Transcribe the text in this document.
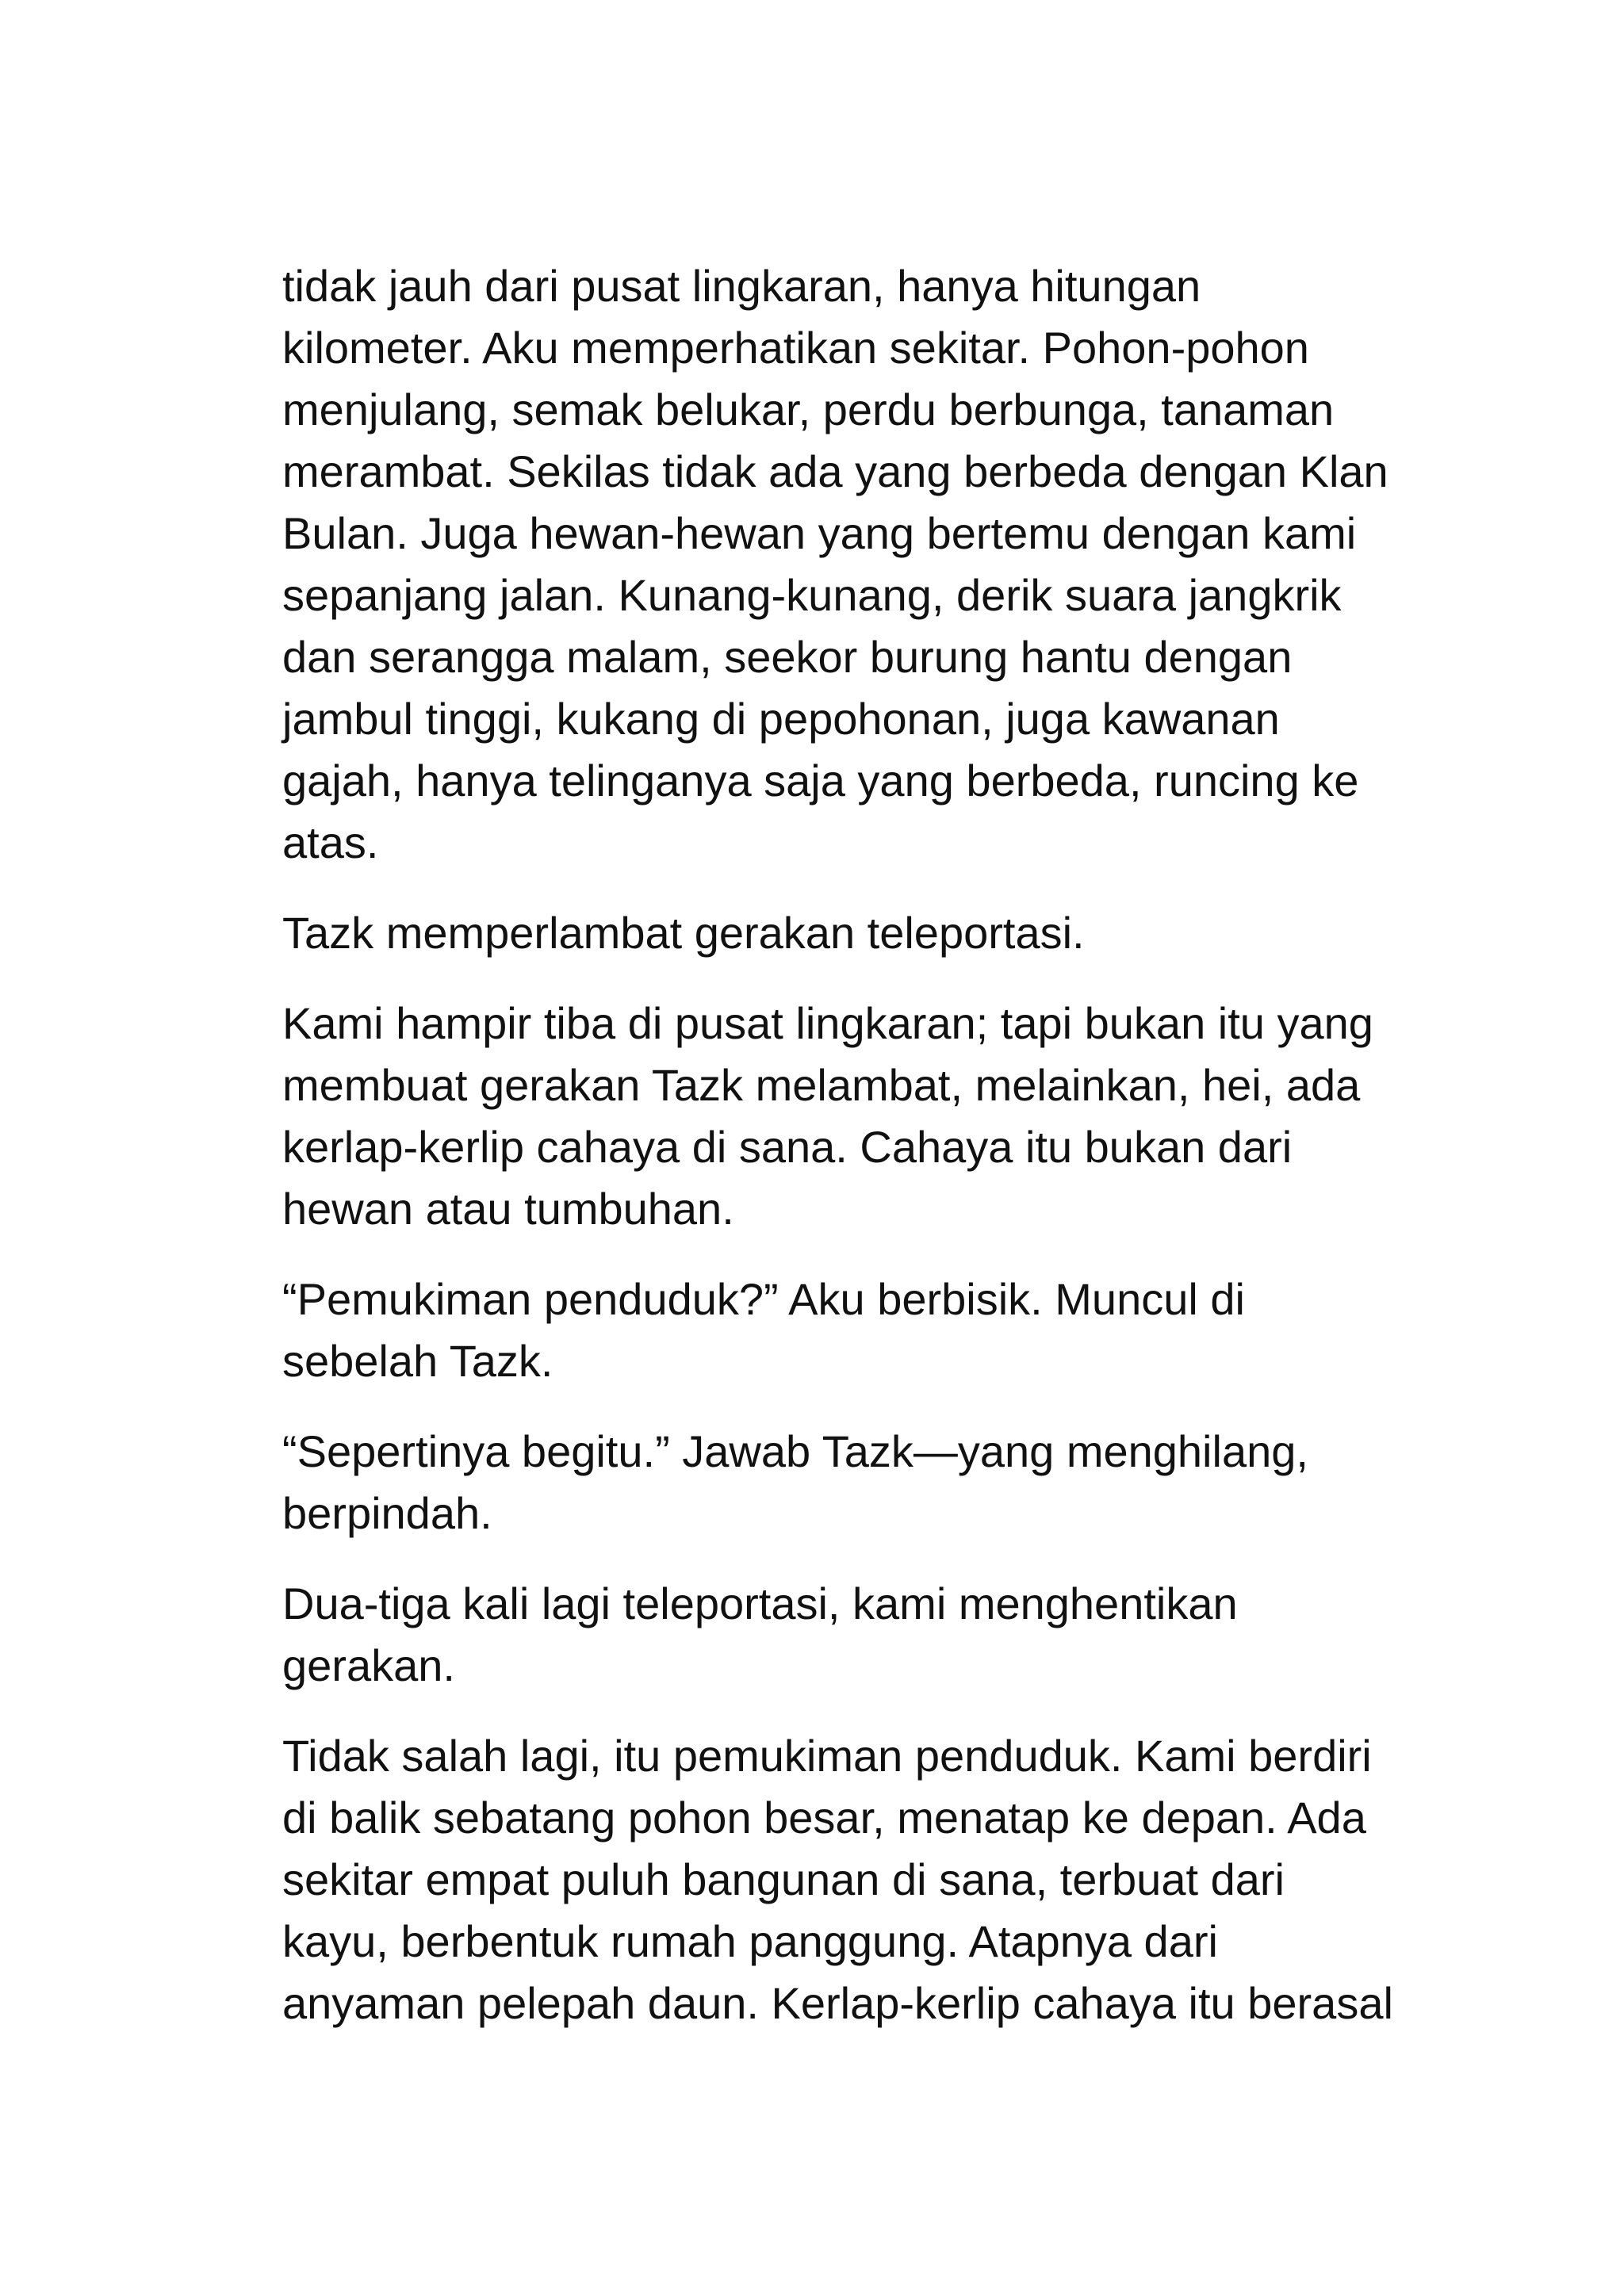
tidak jauh dari pusat lingkaran, hanya hitungan
kilometer. Aku memperhatikan sekitar. Pohon-pohon
menjulang, semak belukar, perdu berbunga, tanaman
merambat. Sekilas tidak ada yang berbeda dengan Klan
Bulan. Juga hewan-hewan yang bertemu dengan kami
sepanjang jalan. Kunang-kunang, derik suara jangkrik
dan serangga malam, seekor burung hantu dengan
jambul tinggi, kukang di pepohonan, juga kawanan
gajah, hanya telinganya saja yang berbeda, runcing ke
atas.

Tazk memperlambat gerakan teleportasi.

Kami hampir tiba di pusat lingkaran; tapi bukan itu yang
membuat gerakan Tazk melambat, melainkan, hei, ada
kerlap-kerlip cahaya di sana. Cahaya itu bukan dari
hewan atau tumbuhan.

“Pemukiman penduduk?” Aku berbisik. Muncul di
sebelah Tazk.

“Sepertinya begitu.” Jawab Tazk—yang menghilang,
berpindah.

Dua-tiga kali lagi teleportasi, kami menghentikan
gerakan.

Tidak salah lagi, itu pemukiman penduduk. Kami berdiri
di balik sebatang pohon besar, menatap ke depan. Ada
sekitar empat puluh bangunan di sana, terbuat dari
kayu, berbentuk rumah panggung. Atapnya dari
anyaman pelepah daun. Kerlap-kerlip cahaya itu berasal
